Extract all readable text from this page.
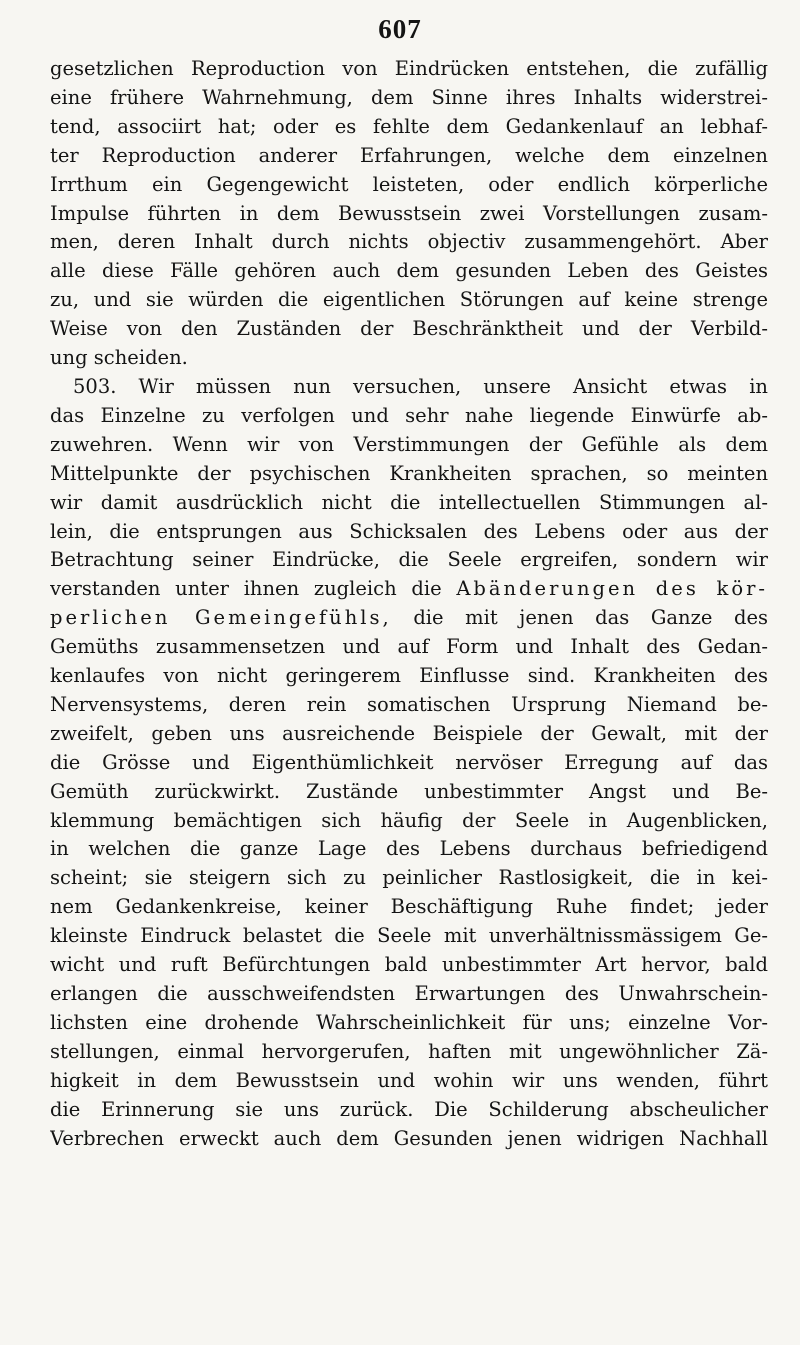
607
gesetzlichen Reproduction von Eindrücken entstehen, die zufällig
eine frühere Wahrnehmung, dem Sinne ihres Inhalts widerstrei-
tend, associirt hat; oder es fehlte dem Gedankenlauf an lebhaf-
ter Reproduction anderer Erfahrungen, welche dem einzelnen
Irrthum ein Gegengewicht leisteten, oder endlich körperliche
Impulse führten in dem Bewusstsein zwei Vorstellungen zusam-
men, deren Inhalt durch nichts objectiv zusammengehört. Aber
alle diese Fälle gehören auch dem gesunden Leben des Geistes
zu, und sie würden die eigentlichen Störungen auf keine strenge
Weise von den Zuständen der Beschränktheit und der Verbild-
ung scheiden.
503. Wir müssen nun versuchen, unsere Ansicht etwas in
das Einzelne zu verfolgen und sehr nahe liegende Einwürfe ab-
zuwehren. Wenn wir von Verstimmungen der Gefühle als dem
Mittelpunkte der psychischen Krankheiten sprachen, so meinten
wir damit ausdrücklich nicht die intellectuellen Stimmungen al-
lein, die entsprungen aus Schicksalen des Lebens oder aus der
Betrachtung seiner Eindrücke, die Seele ergreifen, sondern wir
verstanden unter ihnen zugleich die Abänderungen des kör-
perlichen Gemeingefühls, die mit jenen das Ganze des
Gemüths zusammensetzen und auf Form und Inhalt des Gedan-
kenlaufes von nicht geringerem Einflusse sind. Krankheiten des
Nervensystems, deren rein somatischen Ursprung Niemand be-
zweifelt, geben uns ausreichende Beispiele der Gewalt, mit der
die Grösse und Eigenthümlichkeit nervöser Erregung auf das
Gemüth zurückwirkt. Zustände unbestimmter Angst und Be-
klemmung bemächtigen sich häufig der Seele in Augenblicken,
in welchen die ganze Lage des Lebens durchaus befriedigend
scheint; sie steigern sich zu peinlicher Rastlosigkeit, die in kei-
nem Gedankenkreise, keiner Beschäftigung Ruhe findet; jeder
kleinste Eindruck belastet die Seele mit unverhältnissmässigem Ge-
wicht und ruft Befürchtungen bald unbestimmter Art hervor, bald
erlangen die ausschweifendsten Erwartungen des Unwahrschein-
lichsten eine drohende Wahrscheinlichkeit für uns; einzelne Vor-
stellungen, einmal hervorgerufen, haften mit ungewöhnlicher Zä-
higkeit in dem Bewusstsein und wohin wir uns wenden, führt
die Erinnerung sie uns zurück. Die Schilderung abscheulicher
Verbrechen erweckt auch dem Gesunden jenen widrigen Nachhall
